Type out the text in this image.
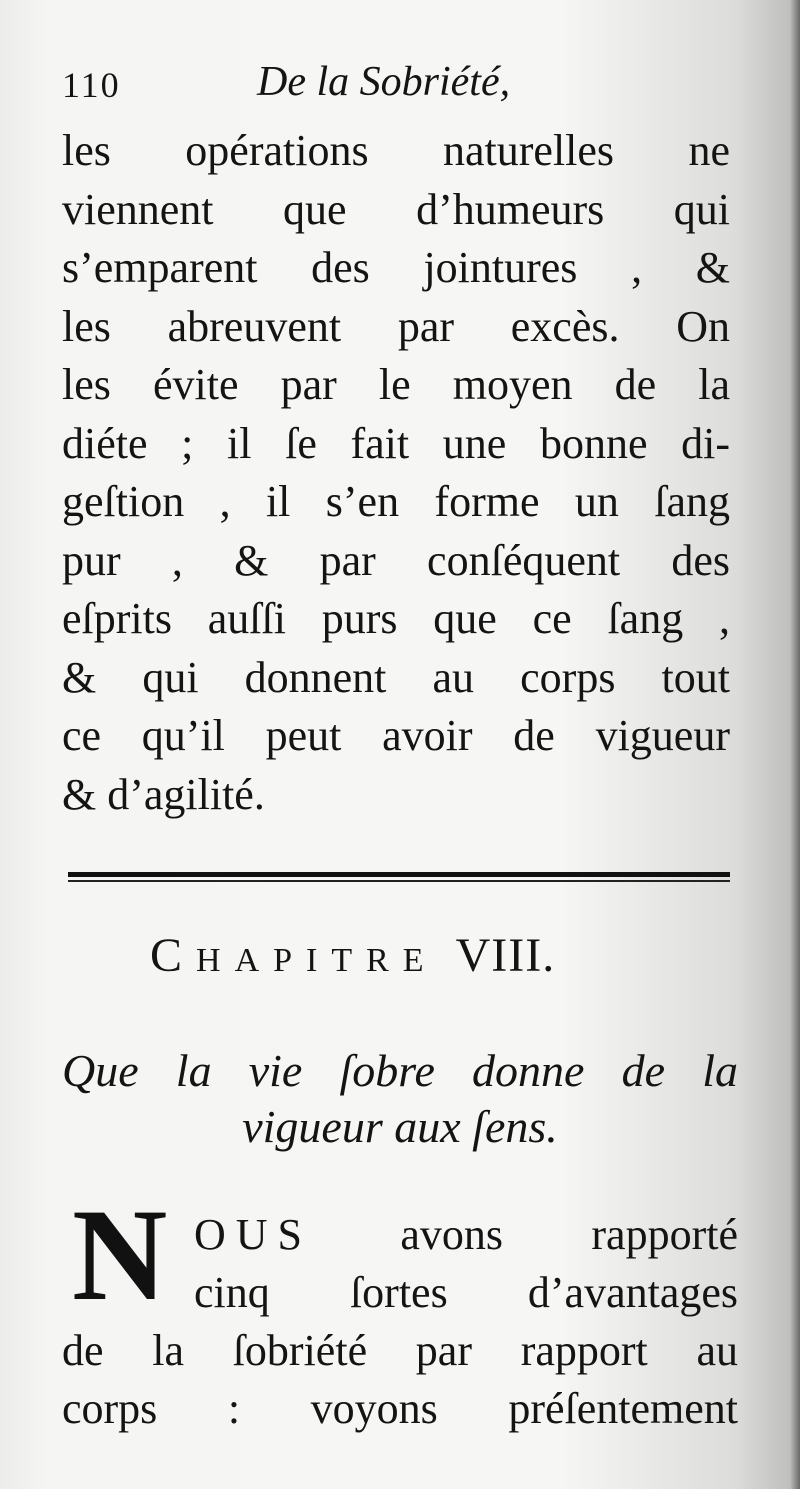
110	De la Sobriété,
les opérations naturelles ne
viennent que d’humeurs qui
s’emparent des jointures , &
les abreuvent par excès. On
les évite par le moyen de la
diéte ; il ſe fait une bonne di-
geſtion , il s’en forme un ſang
pur , & par conſéquent des
eſprits auſſi purs que ce ſang ,
& qui donnent au corps tout
ce qu’il peut avoir de vigueur
& d’agilité.
Chapitre VIII.
Que la vie ſobre donne de la
vigueur aux ſens.
N OUS avons rapporté
cinq ſortes d’avantages
de la ſobriété par rapport au
corps : voyons préſentement
